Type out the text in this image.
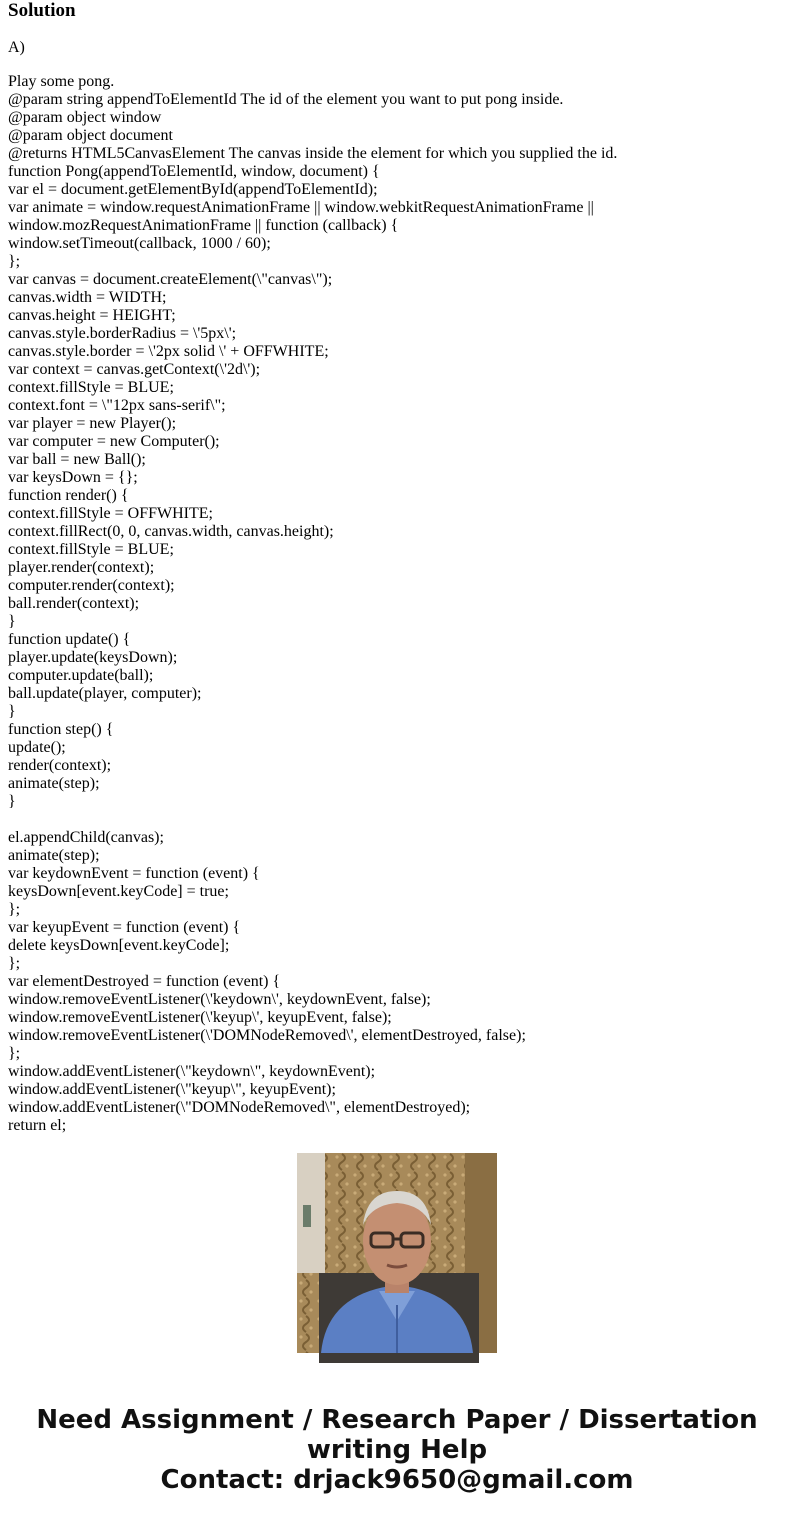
Solution

A)

Play some pong.
@param string appendToElementId The id of the element you want to put pong inside.
@param object window
@param object document
@returns HTML5CanvasElement The canvas inside the element for which you supplied the id.
function Pong(appendToElementId, window, document) {
var el = document.getElementById(appendToElementId);
var animate = window.requestAnimationFrame || window.webkitRequestAnimationFrame ||
window.mozRequestAnimationFrame || function (callback) {
window.setTimeout(callback, 1000 / 60);
};
var canvas = document.createElement(\"canvas\");
canvas.width = WIDTH;
canvas.height = HEIGHT;
canvas.style.borderRadius = \'5px\';
canvas.style.border = \'2px solid \' + OFFWHITE;
var context = canvas.getContext(\'2d\');
context.fillStyle = BLUE;
context.font = \"12px sans-serif\";
var player = new Player();
var computer = new Computer();
var ball = new Ball();
var keysDown = {};
function render() {
context.fillStyle = OFFWHITE;
context.fillRect(0, 0, canvas.width, canvas.height);
context.fillStyle = BLUE;
player.render(context);
computer.render(context);
ball.render(context);
}
function update() {
player.update(keysDown);
computer.update(ball);
ball.update(player, computer);
}
function step() {
update();
render(context);
animate(step);
}
el.appendChild(canvas);
animate(step);
var keydownEvent = function (event) {
keysDown[event.keyCode] = true;
};
var keyupEvent = function (event) {
delete keysDown[event.keyCode];
};
var elementDestroyed = function (event) {
window.removeEventListener(\'keydown\', keydownEvent, false);
window.removeEventListener(\'keyup\', keyupEvent, false);
window.removeEventListener(\'DOMNodeRemoved\', elementDestroyed, false);
};
window.addEventListener(\"keydown\", keydownEvent);
window.addEventListener(\"keyup\", keyupEvent);
window.addEventListener(\"DOMNodeRemoved\", elementDestroyed);
return el;
Need Assignment / Research Paper / Dissertation
writing Help
Contact: drjack9650@gmail.com
